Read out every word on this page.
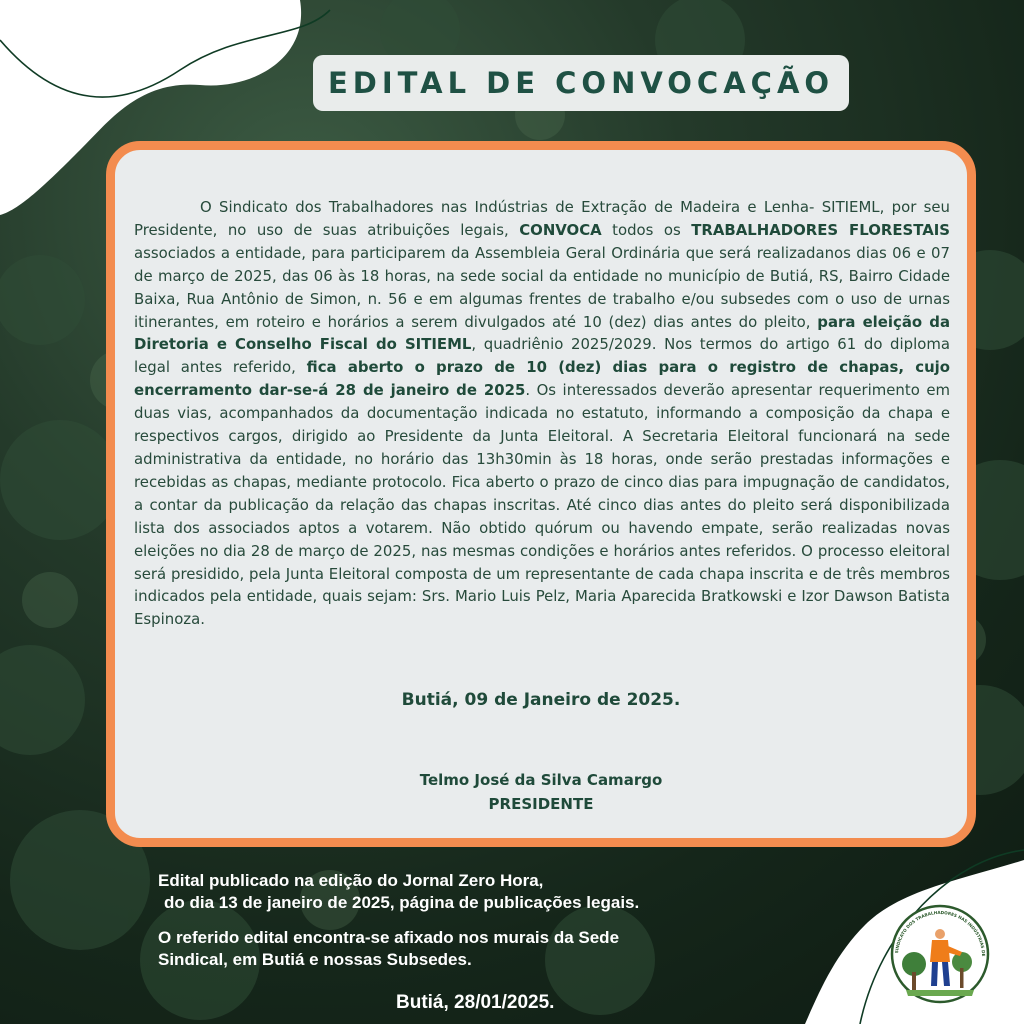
EDITAL DE CONVOCAÇÃO

O Sindicato dos Trabalhadores nas Indústrias de Extração de Madeira e Lenha- SITIEML, por seu Presidente, no uso de suas atribuições legais, CONVOCA todos os TRABALHADORES FLORESTAIS associados a entidade, para participarem da Assembleia Geral Ordinária que será realizadanos dias 06 e 07 de março de 2025, das 06 às 18 horas, na sede social da entidade no município de Butiá, RS, Bairro Cidade Baixa, Rua Antônio de Simon, n. 56 e em algumas frentes de trabalho e/ou subsedes com o uso de urnas itinerantes, em roteiro e horários a serem divulgados até 10 (dez) dias antes do pleito, para eleição da Diretoria e Conselho Fiscal do SITIEML, quadriênio 2025/2029. Nos termos do artigo 61 do diploma legal antes referido, fica aberto o prazo de 10 (dez) dias para o registro de chapas, cujo encerramento dar-se-á 28 de janeiro de 2025. Os interessados deverão apresentar requerimento em duas vias, acompanhados da documentação indicada no estatuto, informando a composição da chapa e respectivos cargos, dirigido ao Presidente da Junta Eleitoral. A Secretaria Eleitoral funcionará na sede administrativa da entidade, no horário das 13h30min às 18 horas, onde serão prestadas informações e recebidas as chapas, mediante protocolo. Fica aberto o prazo de cinco dias para impugnação de candidatos, a contar da publicação da relação das chapas inscritas. Até cinco dias antes do pleito será disponibilizada lista dos associados aptos a votarem. Não obtido quórum ou havendo empate, serão realizadas novas eleições no dia 28 de março de 2025, nas mesmas condições e horários antes referidos. O processo eleitoral será presidido, pela Junta Eleitoral composta de um representante de cada chapa inscrita e de três membros indicados pela entidade, quais sejam: Srs. Mario Luis Pelz, Maria Aparecida Bratkowski e Izor Dawson Batista Espinoza.

Butiá, 09 de Janeiro de 2025.
Telmo José da Silva Camargo
PRESIDENTE
Edital publicado na edição do Jornal Zero Hora,
do dia 13 de janeiro de 2025, página de publicações legais.
O referido edital encontra-se afixado nos murais da Sede
Sindical, em Butiá e nossas Subsedes.
Butiá, 28/01/2025.
SINDICATO DOS TRABALHADORES NAS INDÚSTRIAS DE
